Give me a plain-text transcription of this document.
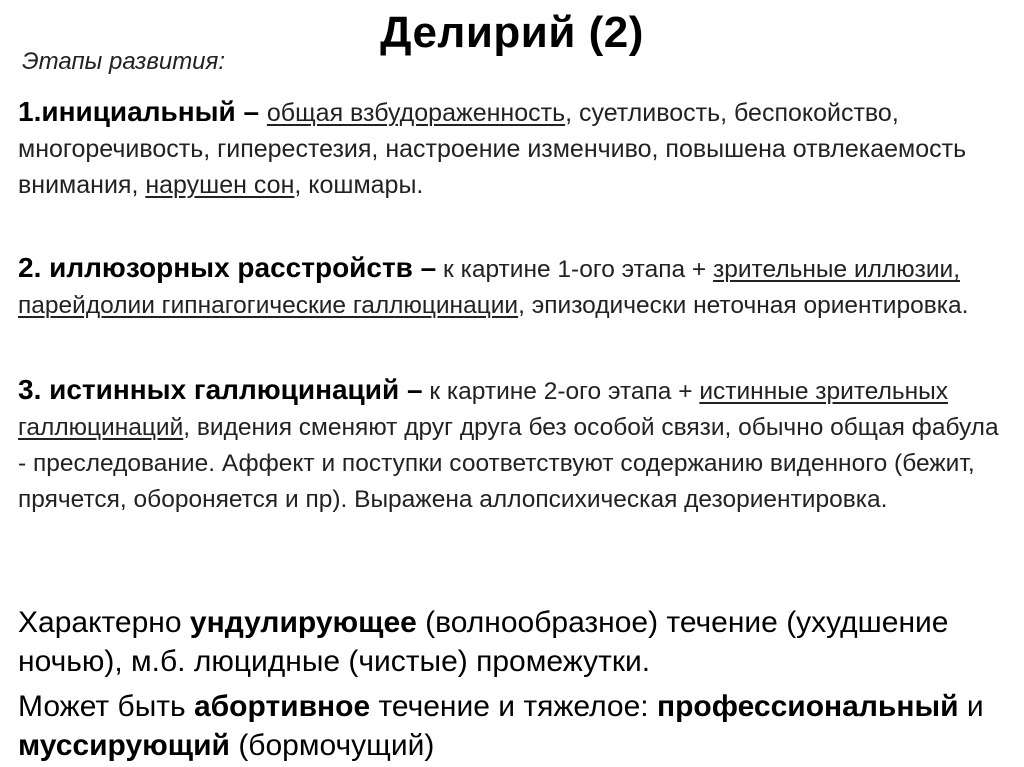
Делирий (2)
Этапы развития:

1.инициальный – общая взбудораженность, суетливость, беспокойство, многоречивость, гиперестезия, настроение изменчиво, повышена отвлекаемость внимания, нарушен сон, кошмары.

2. иллюзорных расстройств – к картине 1-ого этапа + зрительные иллюзии, парейдолии гипнагогические галлюцинации, эпизодически неточная ориентировка.

3. истинных галлюцинаций – к картине 2-ого этапа + истинные зрительных галлюцинаций, видения сменяют друг друга без особой связи, обычно общая фабула - преследование. Аффект и поступки соответствуют содержанию виденного (бежит, прячется, обороняется и пр). Выражена аллопсихическая дезориентировка.

Характерно ундулирующее (волнообразное) течение (ухудшение ночью), м.б. люцидные (чистые) промежутки.

Может быть абортивное течение и тяжелое: профессиональный и муссирующий (бормочущий)
